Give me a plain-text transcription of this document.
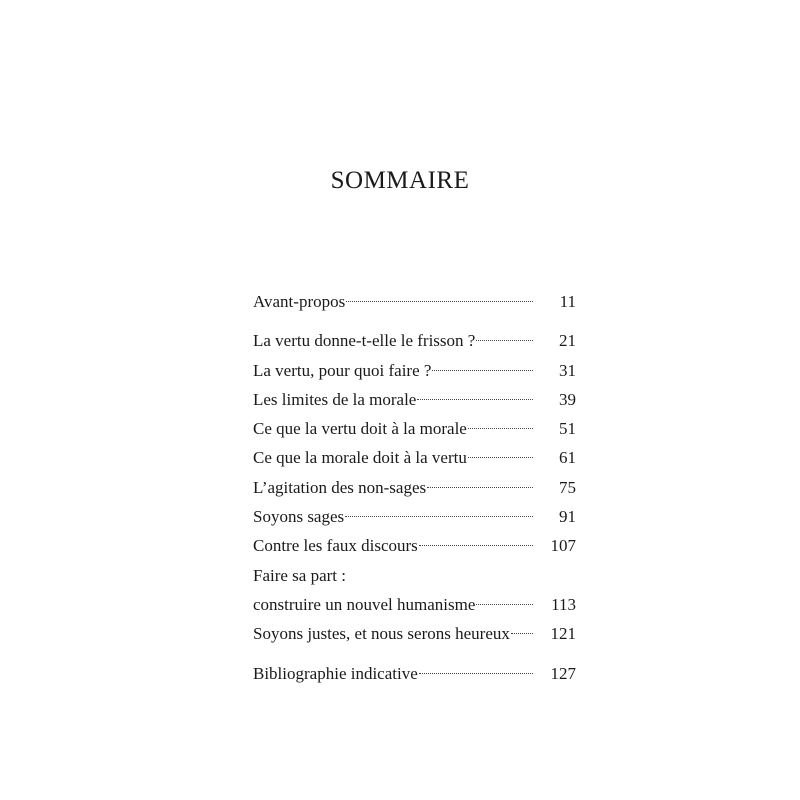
SOMMAIRE
Avant-propos	11
La vertu donne-t-elle le frisson ?	21
La vertu, pour quoi faire ?	31
Les limites de la morale	39
Ce que la vertu doit à la morale	51
Ce que la morale doit à la vertu	61
L’agitation des non-sages	75
Soyons sages	91
Contre les faux discours	107
Faire sa part :
construire un nouvel humanisme	113
Soyons justes, et nous serons heureux 121
Bibliographie indicative	127
